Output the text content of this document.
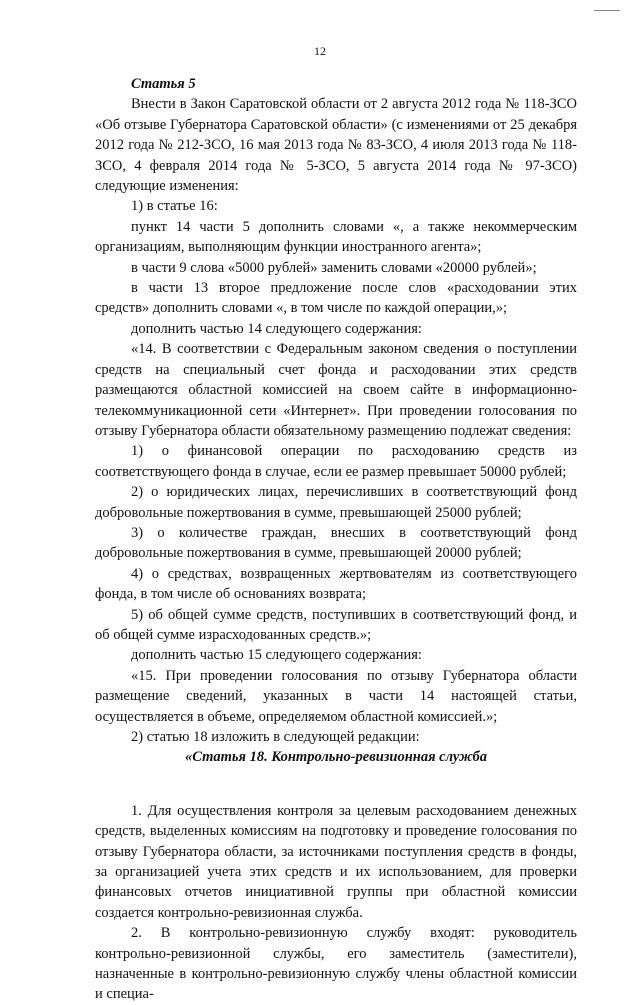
12

Статья 5

Внести в Закон Саратовской области от 2 августа 2012 года № 118-ЗСО «Об отзыве Губернатора Саратовской области» (с изменениями от 25 декабря 2012 года № 212-ЗСО, 16 мая 2013 года № 83-ЗСО, 4 июля 2013 года № 118-ЗСО, 4 февраля 2014 года № 5-ЗСО, 5 августа 2014 года № 97-ЗСО) следующие изменения:

1) в статье 16:

пункт 14 части 5 дополнить словами «, а также некоммерческим организациям, выполняющим функции иностранного агента»;

в части 9 слова «5000 рублей» заменить словами «20000 рублей»;

в части 13 второе предложение после слов «расходовании этих средств» дополнить словами «, в том числе по каждой операции,»;

дополнить частью 14 следующего содержания:

«14. В соответствии с Федеральным законом сведения о поступлении средств на специальный счет фонда и расходовании этих средств размещаются областной комиссией на своем сайте в информационно-телекоммуникационной сети «Интернет». При проведении голосования по отзыву Губернатора области обязательному размещению подлежат сведения:

1) о финансовой операции по расходованию средств из соответствующего фонда в случае, если ее размер превышает 50000 рублей;

2) о юридических лицах, перечисливших в соответствующий фонд добровольные пожертвования в сумме, превышающей 25000 рублей;

3) о количестве граждан, внесших в соответствующий фонд добровольные пожертвования в сумме, превышающей 20000 рублей;

4) о средствах, возвращенных жертвователям из соответствующего фонда, в том числе об основаниях возврата;

5) об общей сумме средств, поступивших в соответствующий фонд, и об общей сумме израсходованных средств.»;

дополнить частью 15 следующего содержания:

«15. При проведении голосования по отзыву Губернатора области размещение сведений, указанных в части 14 настоящей статьи, осуществляется в объеме, определяемом областной комиссией.»;

2) статью 18 изложить в следующей редакции:

«Статья 18. Контрольно-ревизионная служба

1. Для осуществления контроля за целевым расходованием денежных средств, выделенных комиссиям на подготовку и проведение голосования по отзыву Губернатора области, за источниками поступления средств в фонды, за организацией учета этих средств и их использованием, для проверки финансовых отчетов инициативной группы при областной комиссии создается контрольно-ревизионная служба.

2. В контрольно-ревизионную службу входят: руководитель контрольно-ревизионной службы, его заместитель (заместители), назначенные в контрольно-ревизионную службу члены областной комиссии и специа-
